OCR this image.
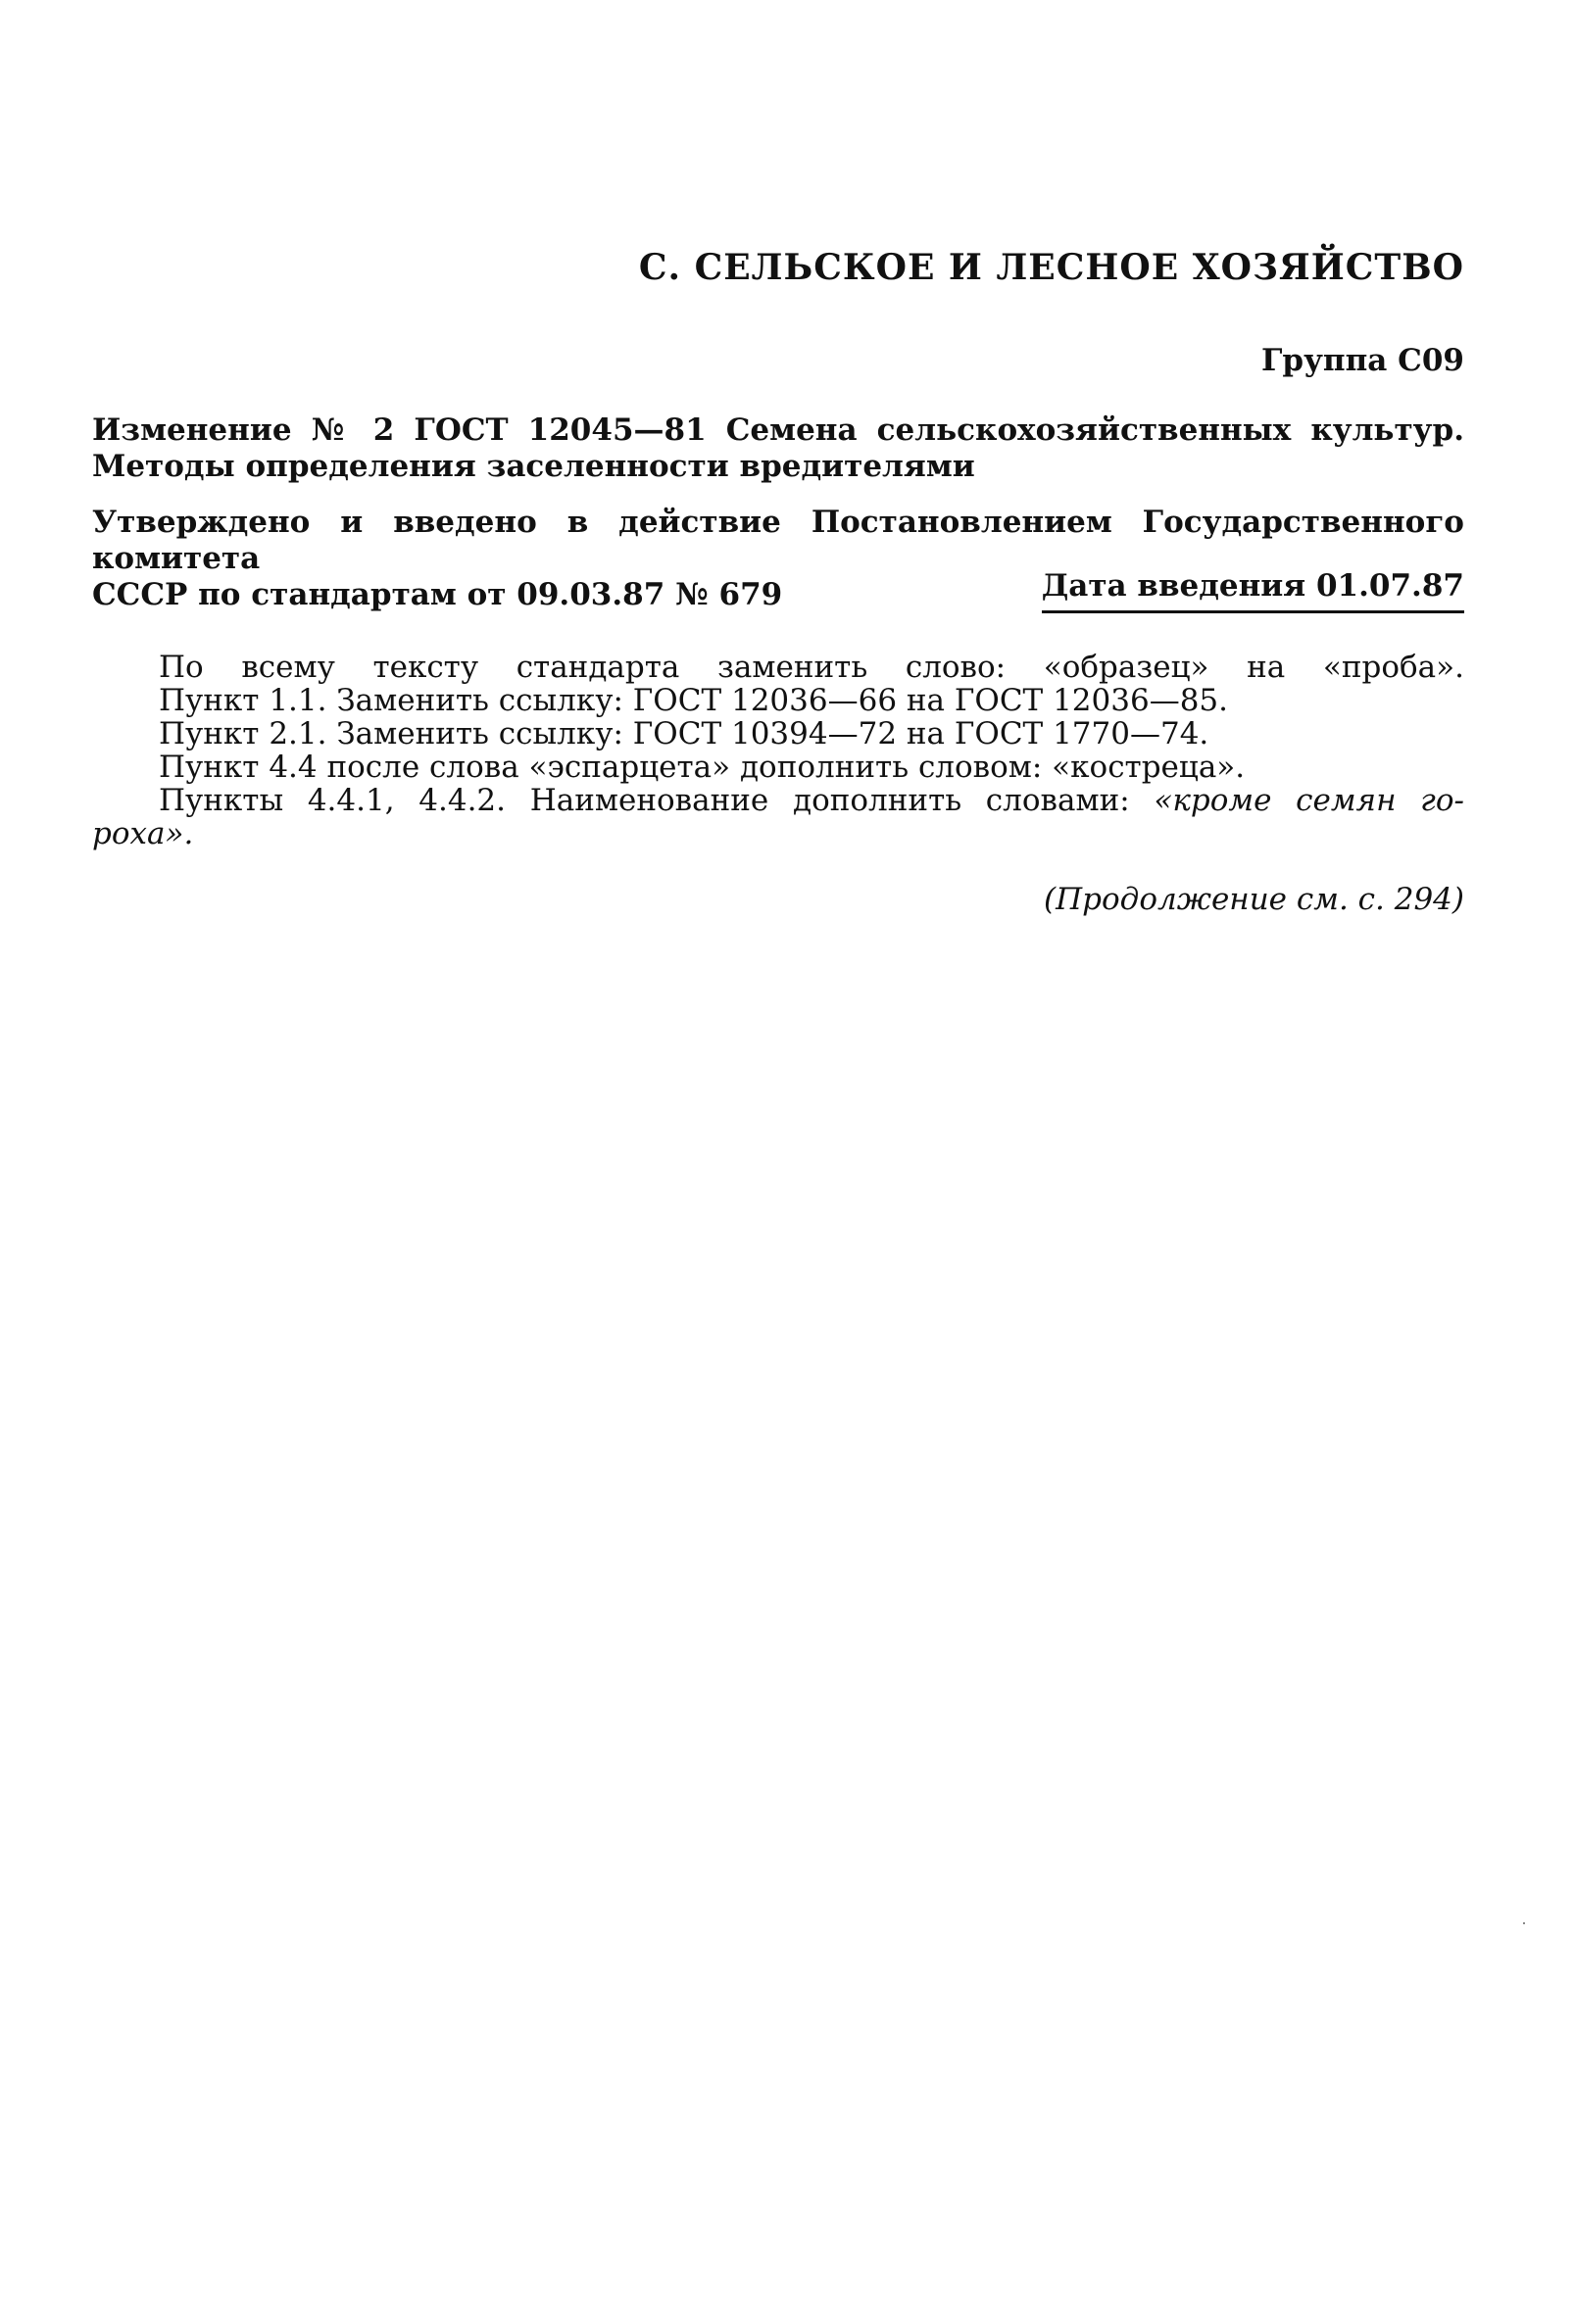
С. СЕЛЬСКОЕ И ЛЕСНОЕ ХОЗЯЙСТВО
Группа С09
Изменение № 2 ГОСТ 12045—81 Семена сельскохозяйственных культур. Методы определения заселенности вредителями
Утверждено и введено в действие Постановлением Государственного комитета
СССР по стандартам от 09.03.87 № 679	Дата введения 01.07.87
По всему тексту стандарта заменить слово: «образец» на «проба».
Пункт 1.1. Заменить ссылку: ГОСТ 12036—66 на ГОСТ 12036—85.
Пункт 2.1. Заменить ссылку: ГОСТ 10394—72 на ГОСТ 1770—74.
Пункт 4.4 после слова «эспарцета» дополнить словом: «костреца».
Пункты 4.4.1, 4.4.2. Наименование дополнить словами: «кроме семян го-
роха».
(Продолжение см. с. 294)
